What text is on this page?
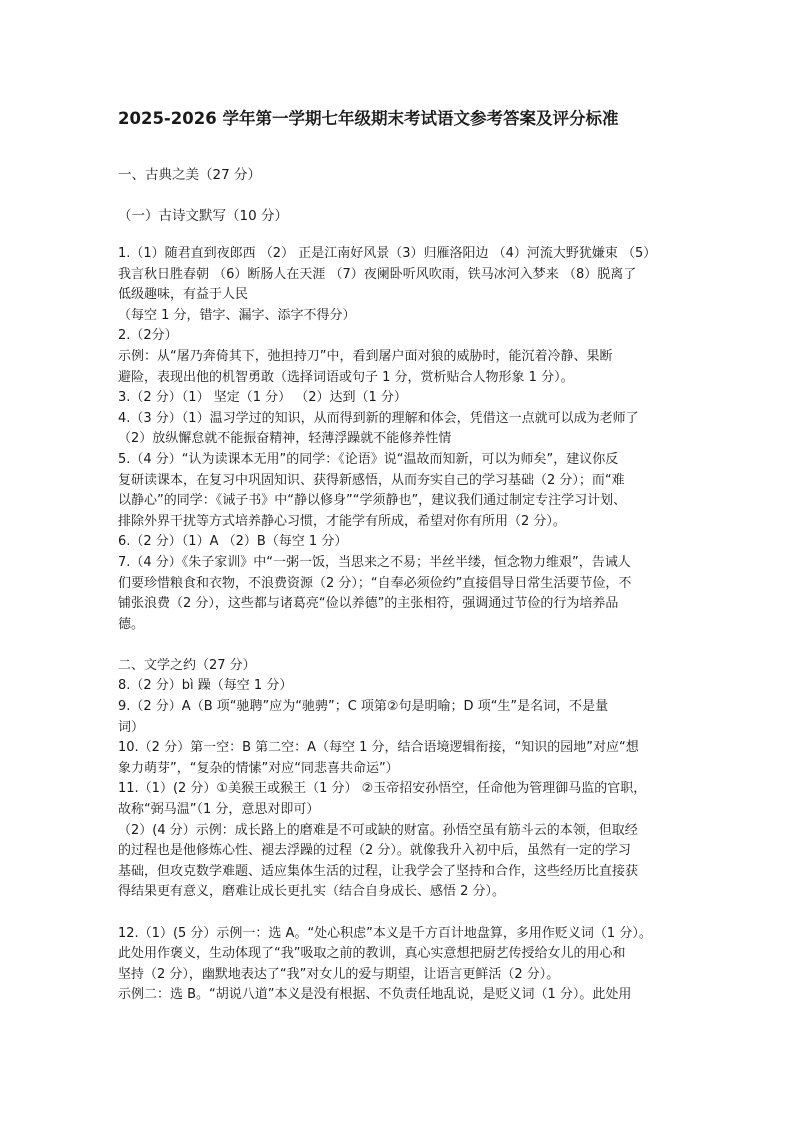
2025-2026 学年第一学期七年级期末考试语文参考答案及评分标准
一、古典之美（27 分）
（一）古诗文默写（10 分）

1.（1）随君直到夜郎西 （2） 正是江南好风景（3）归雁洛阳边 （4）河流大野犹嫌束 （5）

我言秋日胜春朝 （6）断肠人在天涯 （7）夜阑卧听风吹雨，铁马冰河入梦来 （8）脱离了

低级趣味，有益于人民

（每空 1 分，错字、漏字、添字不得分）

2.（2分）

示例：从“屠乃奔倚其下，弛担持刀”中，看到屠户面对狼的威胁时，能沉着冷静、果断

避险，表现出他的机智勇敢（选择词语或句子 1 分，赏析贴合人物形象 1 分）。

3.（2 分）（1） 坚定（1 分） （2）达到（1 分）

4.（3 分）（1）温习学过的知识，从而得到新的理解和体会，凭借这一点就可以成为老师了

（2）放纵懈怠就不能振奋精神，轻薄浮躁就不能修养性情

5.（4 分）“认为读课本无用”的同学：《论语》说“温故而知新，可以为师矣”，建议你反

复研读课本，在复习中巩固知识、获得新感悟，从而夯实自己的学习基础（2 分）；而“难

以静心”的同学：《诫子书》中“静以修身”“学须静也”，建议我们通过制定专注学习计划、

排除外界干扰等方式培养静心习惯，才能学有所成，希望对你有所用（2 分）。

6.（2 分）（1）A （2）B（每空 1 分）

7.（4 分）《朱子家训》中“一粥一饭，当思来之不易；半丝半缕，恒念物力维艰”，告诫人

们要珍惜粮食和衣物，不浪费资源（2 分）；“自奉必须俭约”直接倡导日常生活要节俭，不

铺张浪费（2 分），这些都与诸葛亮“俭以养德”的主张相符，强调通过节俭的行为培养品

德。

二、文学之约（27 分）

8.（2 分）bì 躁（每空 1 分）

9.（2 分）A（B 项“驰聘”应为“驰骋”；C 项第②句是明喻；D 项“生”是名词，不是量

词）

10.（2 分）第一空：B 第二空：A（每空 1 分，结合语境逻辑衔接，“知识的园地”对应“想

象力萌芽”，“复杂的情愫”对应“同悲喜共命运”）

11.（1）(2 分）①美猴王或猴王（1 分） ②玉帝招安孙悟空，任命他为管理御马监的官职，

故称“弼马温”（1 分，意思对即可）

（2）(4 分）示例：成长路上的磨难是不可或缺的财富。孙悟空虽有筋斗云的本领，但取经

的过程也是他修炼心性、褪去浮躁的过程（2 分）。就像我升入初中后，虽然有一定的学习

基础，但攻克数学难题、适应集体生活的过程，让我学会了坚持和合作，这些经历比直接获

得结果更有意义，磨难让成长更扎实（结合自身成长、感悟 2 分）。

12.（1）(5 分）示例一：选 A。“处心积虑”本义是千方百计地盘算，多用作贬义词（1 分）。

此处用作褒义，生动体现了“我”吸取之前的教训，真心实意想把厨艺传授给女儿的用心和

坚持（2 分），幽默地表达了“我”对女儿的爱与期望，让语言更鲜活（2 分）。

示例二：选 B。“胡说八道”本义是没有根据、不负责任地乱说，是贬义词（1 分）。此处用
